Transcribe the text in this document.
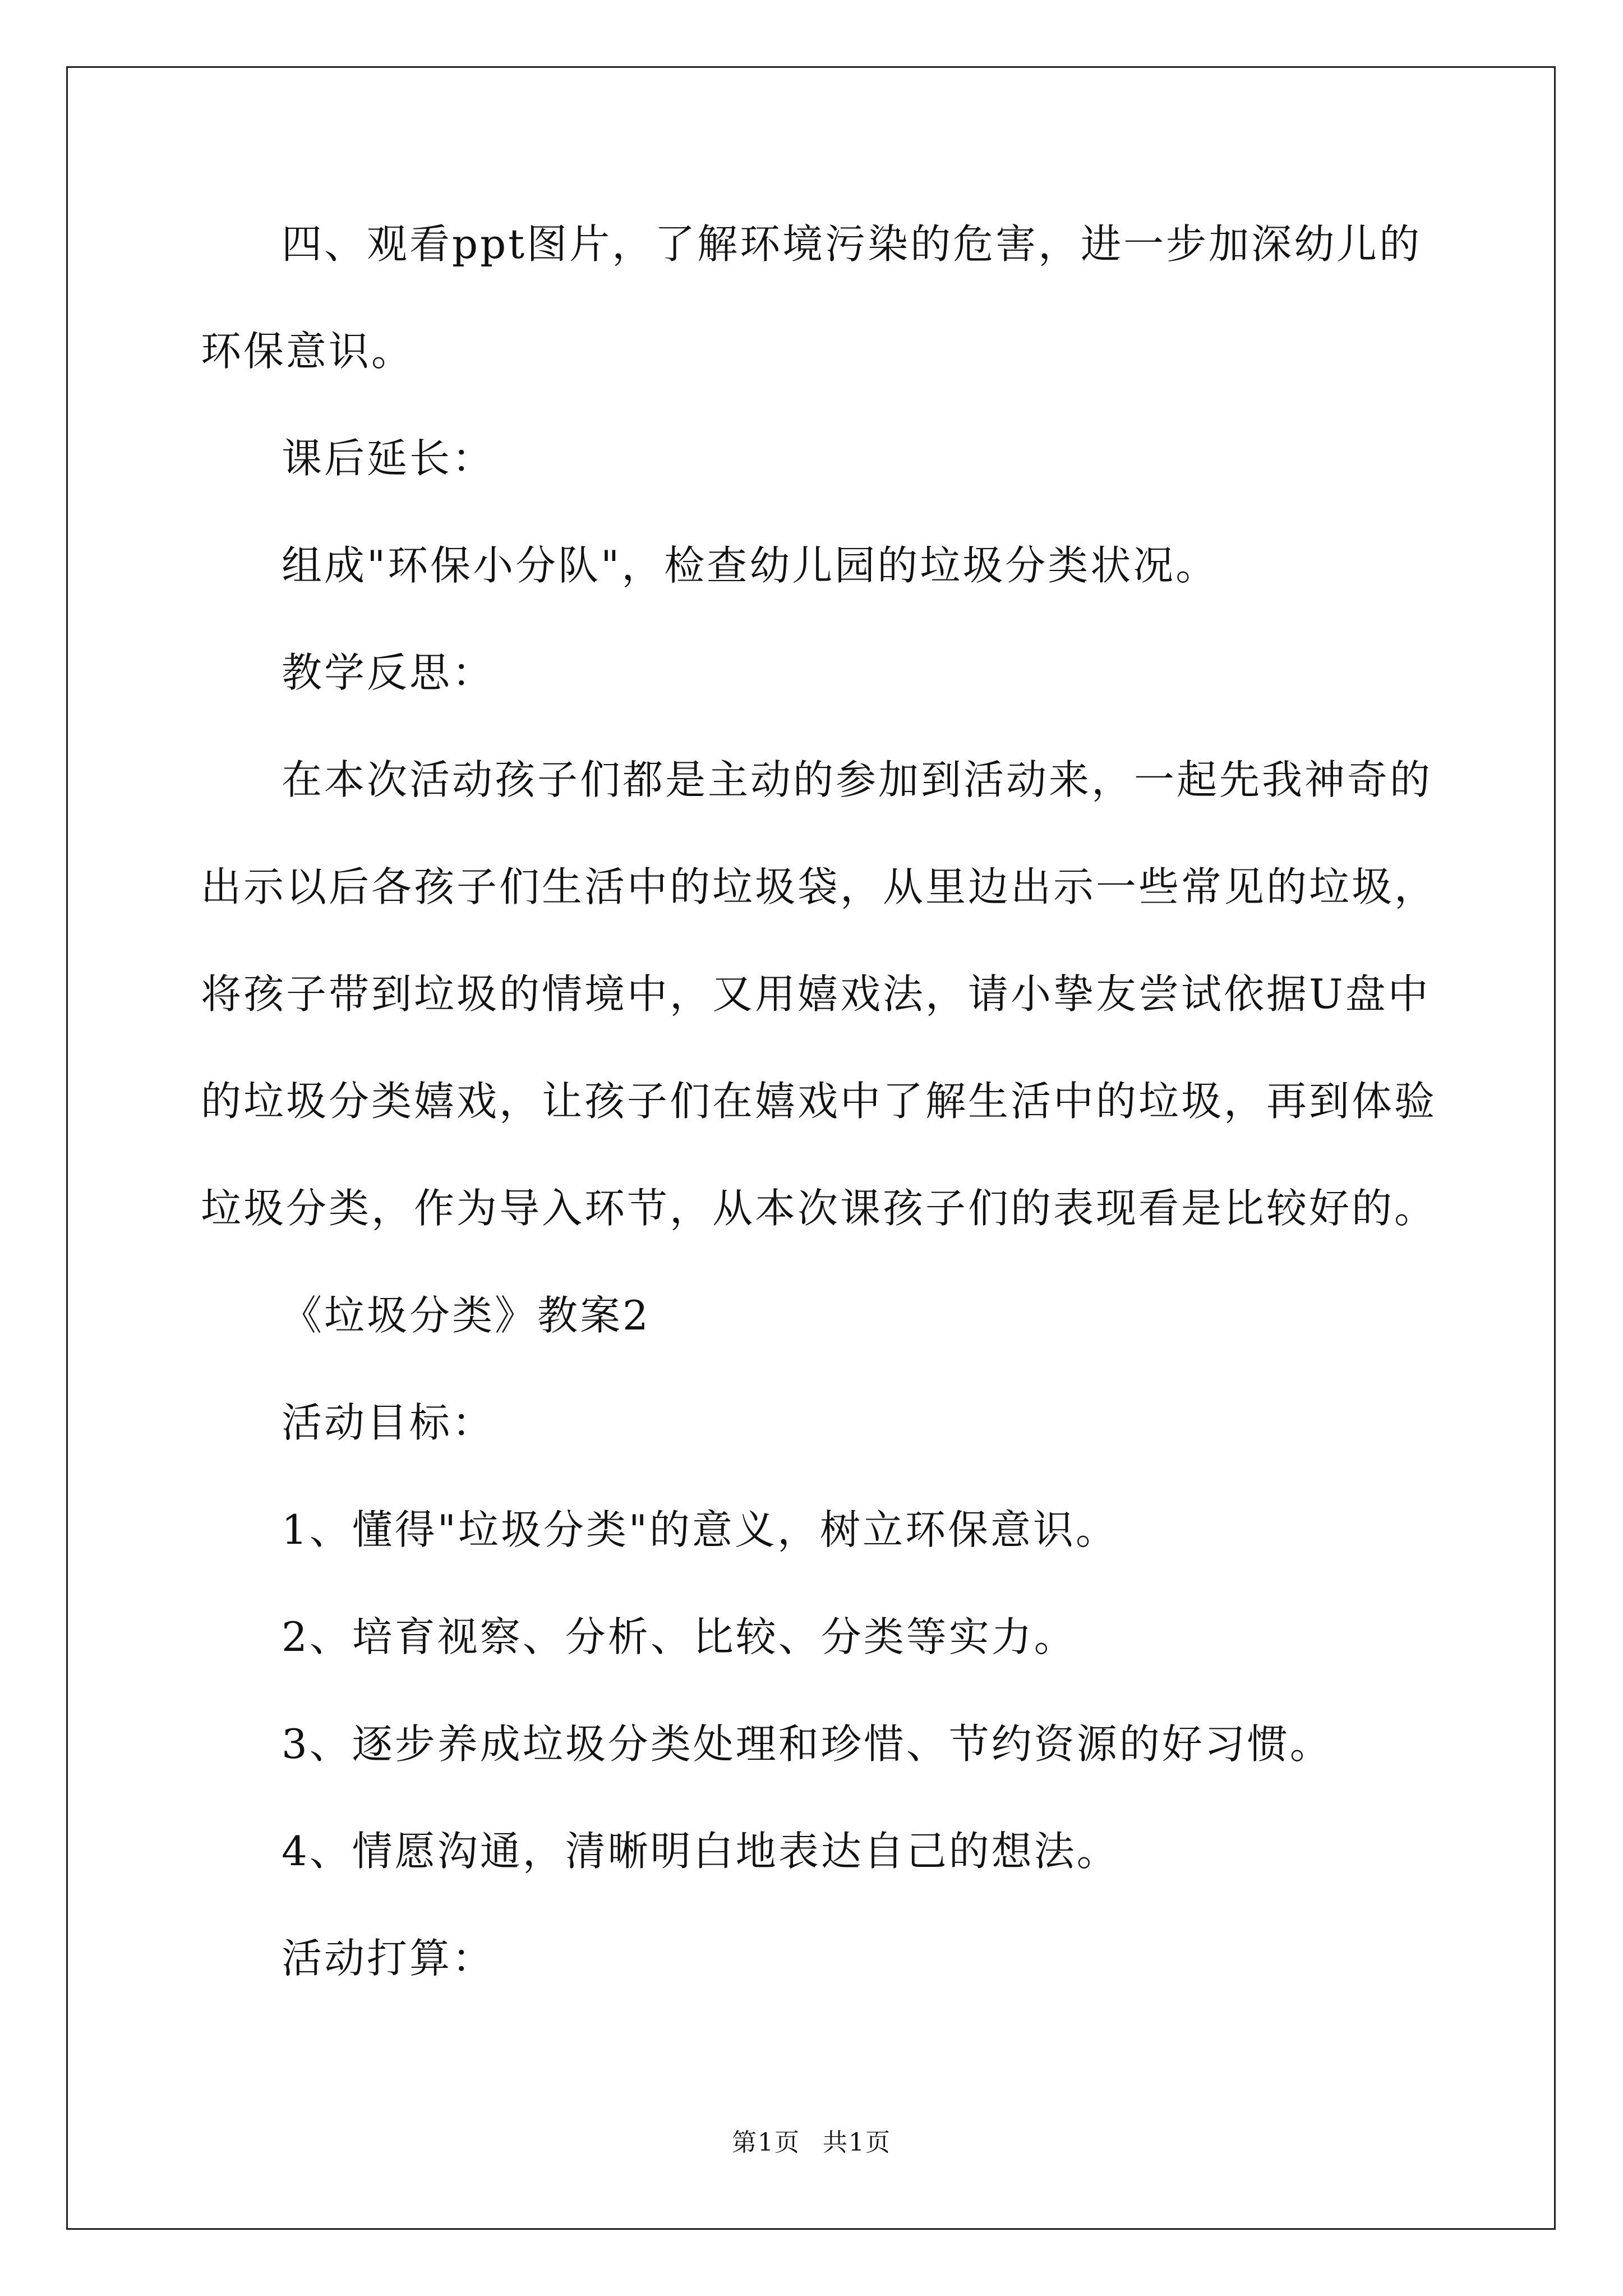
四、观看ppt图片，了解环境污染的危害，进一步加深幼儿的环保意识。

课后延长：

组成"环保小分队"，检查幼儿园的垃圾分类状况。

教学反思：

在本次活动孩子们都是主动的参加到活动来，一起先我神奇的出示以后各孩子们生活中的垃圾袋，从里边出示一些常见的垃圾，将孩子带到垃圾的情境中，又用嬉戏法，请小挚友尝试依据U盘中的垃圾分类嬉戏，让孩子们在嬉戏中了解生活中的垃圾，再到体验垃圾分类，作为导入环节，从本次课孩子们的表现看是比较好的。

《垃圾分类》教案2

活动目标：

1、懂得"垃圾分类"的意义，树立环保意识。

2、培育视察、分析、比较、分类等实力。

3、逐步养成垃圾分类处理和珍惜、节约资源的好习惯。

4、情愿沟通，清晰明白地表达自己的想法。

活动打算：

第1页 共1页
